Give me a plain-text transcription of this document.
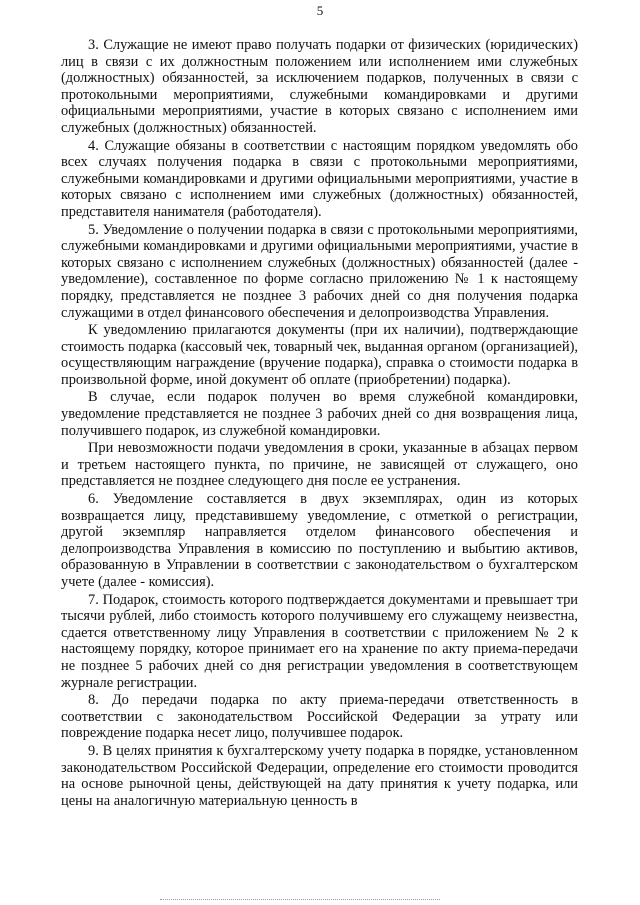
5

3. Служащие не имеют право получать подарки от физических (юридических) лиц в связи с их должностным положением или исполнением ими служебных (должностных) обязанностей, за исключением подарков, полученных в связи с протокольными мероприятиями, служебными командировками и другими официальными мероприятиями, участие в которых связано с исполнением ими служебных (должностных) обязанностей.

4. Служащие обязаны в соответствии с настоящим порядком уведомлять обо всех случаях получения подарка в связи с протокольными мероприятиями, служебными командировками и другими официальными мероприятиями, участие в которых связано с исполнением ими служебных (должностных) обязанностей, представителя нанимателя (работодателя).

5. Уведомление о получении подарка в связи с протокольными мероприятиями, служебными командировками и другими официальными мероприятиями, участие в которых связано с исполнением служебных (должностных) обязанностей (далее - уведомление), составленное по форме согласно приложению № 1 к настоящему порядку, представляется не позднее 3 рабочих дней со дня получения подарка служащими в отдел финансового обеспечения и делопроизводства Управления.

К уведомлению прилагаются документы (при их наличии), подтверждающие стоимость подарка (кассовый чек, товарный чек, выданная органом (организацией), осуществляющим награждение (вручение подарка), справка о стоимости подарка в произвольной форме, иной документ об оплате (приобретении) подарка).

В случае, если подарок получен во время служебной командировки, уведомление представляется не позднее 3 рабочих дней со дня возвращения лица, получившего подарок, из служебной командировки.

При невозможности подачи уведомления в сроки, указанные в абзацах первом и третьем настоящего пункта, по причине, не зависящей от служащего, оно представляется не позднее следующего дня после ее устранения.

6. Уведомление составляется в двух экземплярах, один из которых возвращается лицу, представившему уведомление, с отметкой о регистрации, другой экземпляр направляется отделом финансового обеспечения и делопроизводства Управления в комиссию по поступлению и выбытию активов, образованную в Управлении в соответствии с законодательством о бухгалтерском учете (далее - комиссия).

7. Подарок, стоимость которого подтверждается документами и превышает три тысячи рублей, либо стоимость которого получившему его служащему неизвестна, сдается ответственному лицу Управления в соответствии с приложением № 2 к настоящему порядку, которое принимает его на хранение по акту приема-передачи не позднее 5 рабочих дней со дня регистрации уведомления в соответствующем журнале регистрации.

8. До передачи подарка по акту приема-передачи ответственность в соответствии с законодательством Российской Федерации за утрату или повреждение подарка несет лицо, получившее подарок.

9. В целях принятия к бухгалтерскому учету подарка в порядке, установленном законодательством Российской Федерации, определение его стоимости проводится на основе рыночной цены, действующей на дату принятия к учету подарка, или цены на аналогичную материальную ценность в
